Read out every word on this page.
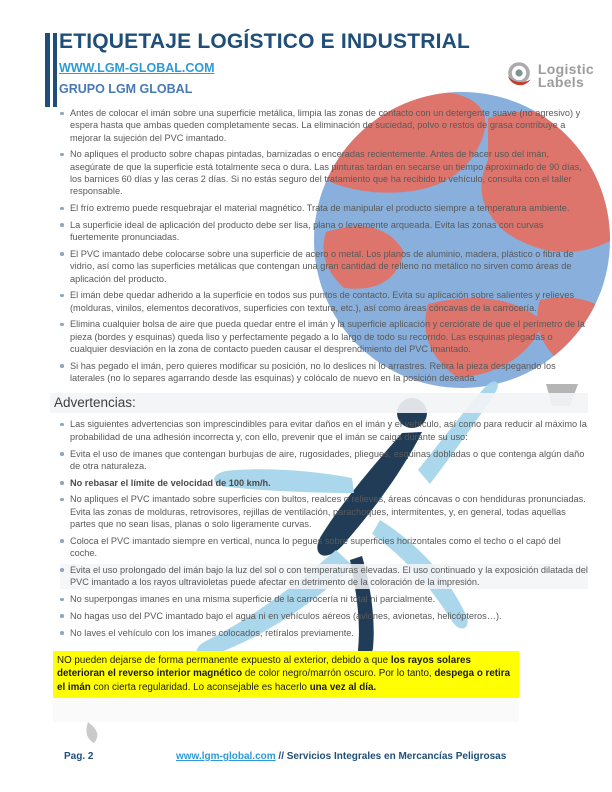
ETIQUETAJE LOGÍSTICO E INDUSTRIAL
WWW.LGM-GLOBAL.COM
GRUPO LGM GLOBAL
Logistic
Labels
Antes de colocar el imán sobre una superficie metálica, limpia las zonas de contacto con un detergente suave (no agresivo) y espera hasta que ambas queden completamente secas. La eliminación de suciedad, polvo o restos de grasa contribuye a mejorar la sujeción del PVC imantado.
No apliques el producto sobre chapas pintadas, barnizadas o enceradas recientemente. Antes de hacer uso del imán, asegúrate de que la superficie está totalmente seca o dura. Las pinturas tardan en secarse un tiempo aproximado de 90 días, los barnices 60 días y las ceras 2 días. Si no estás seguro del tratamiento que ha recibido tu vehículo, consulta con el taller responsable.
El frío extremo puede resquebrajar el material magnético. Trata de manipular el producto siempre a temperatura ambiente.
La superficie ideal de aplicación del producto debe ser lisa, plana o levemente arqueada. Evita las zonas con curvas fuertemente pronunciadas.
El PVC imantado debe colocarse sobre una superficie de acero o metal. Los planos de aluminio, madera, plástico o fibra de vidrio, así como las superficies metálicas que contengan una gran cantidad de relleno no metálico no sirven como áreas de aplicación del producto.
El imán debe quedar adherido a la superficie en todos sus puntos de contacto. Evita su aplicación sobre salientes y relieves (molduras, vinilos, elementos decorativos, superficies con textura, etc.), así como áreas cóncavas de la carrocería.
Elimina cualquier bolsa de aire que pueda quedar entre el imán y la superficie aplicación y cerciórate de que el perímetro de la pieza (bordes y esquinas) queda liso y perfectamente pegado a lo largo de todo su recorrido. Las esquinas plegadas o cualquier desviación en la zona de contacto pueden causar el desprendimiento del PVC imantado.
Si has pegado el imán, pero quieres modificar su posición, no lo deslices ni lo arrastres. Retira la pieza despegando los laterales (no lo separes agarrando desde las esquinas) y colócalo de nuevo en la posición deseada.
Advertencias:
Las siguientes advertencias son imprescindibles para evitar daños en el imán y el vehículo, así como para reducir al máximo la probabilidad de una adhesión incorrecta y, con ello, prevenir que el imán se caiga durante su uso:
Evita el uso de imanes que contengan burbujas de aire, rugosidades, pliegues, esquinas dobladas o que contenga algún daño de otra naturaleza.
No rebasar el límite de velocidad de 100 km/h.
No apliques el PVC imantado sobre superficies con bultos, realces o relieves, áreas cóncavas o con hendiduras pronunciadas. Evita las zonas de molduras, retrovisores, rejillas de ventilación, parachoques, intermitentes, y, en general, todas aquellas partes que no sean lisas, planas o solo ligeramente curvas.
Coloca el PVC imantado siempre en vertical, nunca lo pegues sobre superficies horizontales como el techo o el capó del coche.
Evita el uso prolongado del imán bajo la luz del sol o con temperaturas elevadas. El uso continuado y la exposición dilatada del PVC imantado a los rayos ultravioletas puede afectar en detrimento de la coloración de la impresión.
No superpongas imanes en una misma superficie de la carrocería ni total ni parcialmente.
No hagas uso del PVC imantado bajo el agua ni en vehículos aéreos (aviones, avionetas, helicópteros…).
No laves el vehículo con los imanes colocados, retíralos previamente.
NO pueden dejarse de forma permanente expuesto al exterior, debido a que los rayos solares deterioran el reverso interior magnético de color negro/marrón oscuro. Por lo tanto, despega o retira el imán con cierta regularidad. Lo aconsejable es hacerlo una vez al día.
Pag. 2	www.lgm-global.com // Servicios Integrales en Mercancías Peligrosas
